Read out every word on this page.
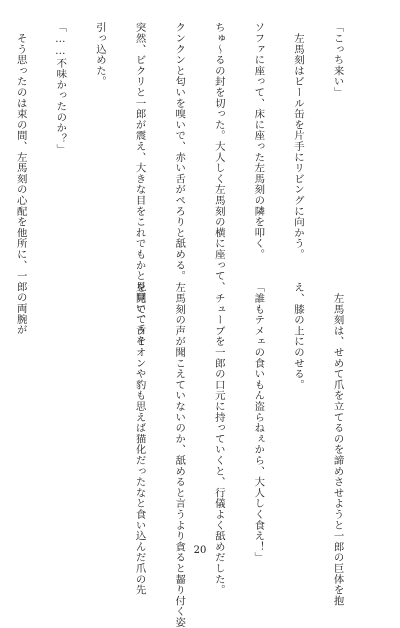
「こっち来い」

　左馬刻はビール缶を片手にリビングに向かう。

ソファに座って、床に座った左馬刻の隣を叩く。

ちゅ〜るの封を切った。大人しく左馬刻の横に座って、

クンクンと匂いを嗅いで、赤い舌がぺろりと舐める。

突然、ビクリと一郎が震え、大きな目をこれでもかと見開いて舌を

引っ込めた。

「……不味かったのか？」

　そう思ったのは束の間、左馬刻の心配を他所に、一郎の両腕が

　左馬刻は、せめて爪を立てるのを諦めさせようと一郎の巨体を抱

え、膝の上にのせる。

「誰もテメェの食いもん盗らねぇから、大人しく食え！」

　チューブを一郎の口元に持っていくと、行儀よく舐めだした。

左馬刻の声が聞こえていないのか、舐めると言うより貪ると齧り付く姿

を見て、ライオンや豹も思えば猫化だったなと食い込んだ爪の先

	20
